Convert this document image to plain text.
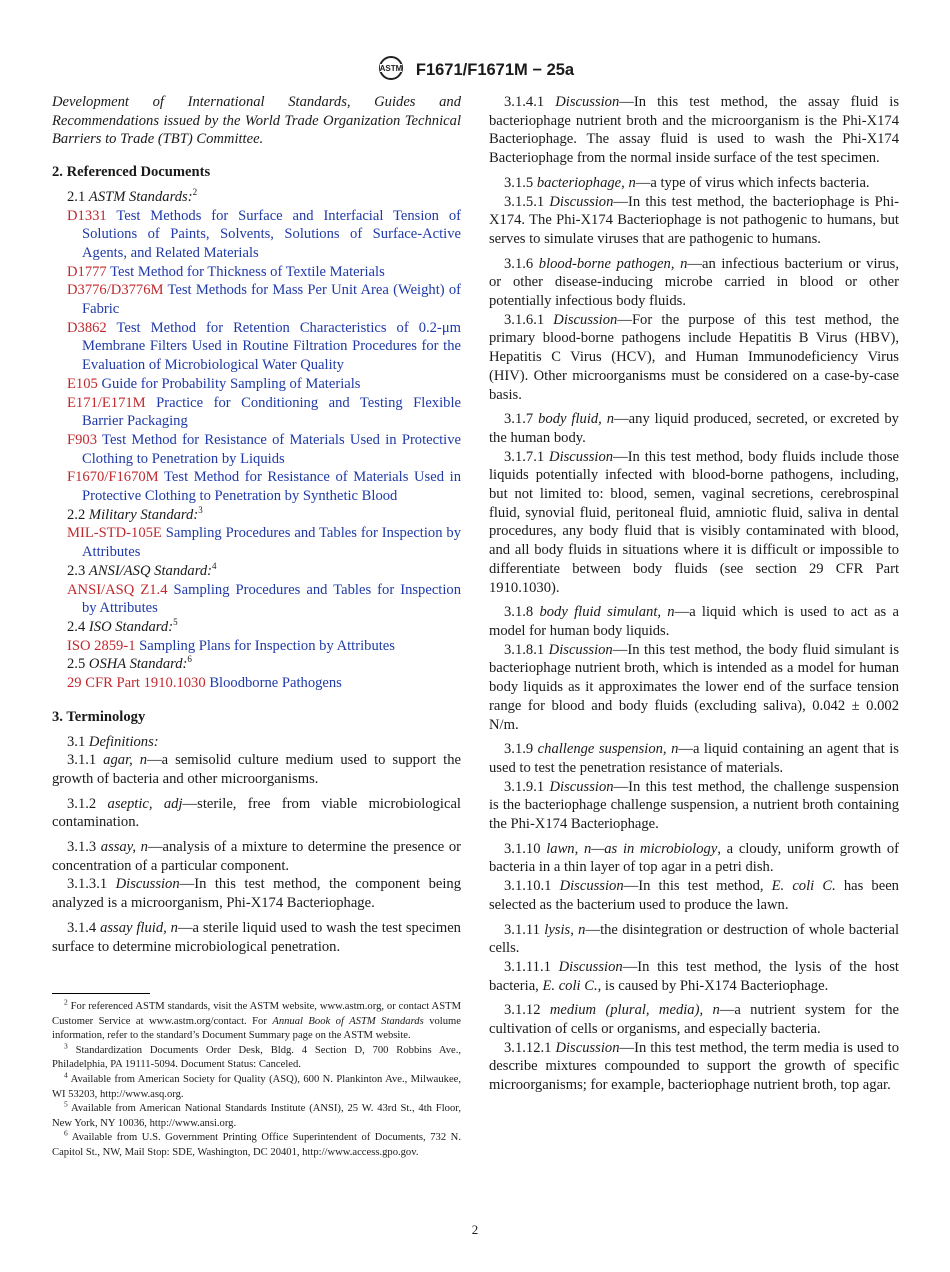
ASTM F1671/F1671M − 25a

Development of International Standards, Guides and Recommendations issued by the World Trade Organization Technical Barriers to Trade (TBT) Committee.

2. Referenced Documents

2.1 ASTM Standards:$^2$

D1331 Test Methods for Surface and Interfacial Tension of Solutions of Paints, Solvents, Solutions of Surface-Active Agents, and Related Materials

D1777 Test Method for Thickness of Textile Materials

D3776/D3776M Test Methods for Mass Per Unit Area (Weight) of Fabric

D3862 Test Method for Retention Characteristics of 0.2-μm Membrane Filters Used in Routine Filtration Procedures for the Evaluation of Microbiological Water Quality

E105 Guide for Probability Sampling of Materials

E171/E171M Practice for Conditioning and Testing Flexible Barrier Packaging

F903 Test Method for Resistance of Materials Used in Protective Clothing to Penetration by Liquids

F1670/F1670M Test Method for Resistance of Materials Used in Protective Clothing to Penetration by Synthetic Blood

2.2 Military Standard:$^3$

MIL-STD-105E Sampling Procedures and Tables for Inspection by Attributes

2.3 ANSI/ASQ Standard:$^4$

ANSI/ASQ Z1.4 Sampling Procedures and Tables for Inspection by Attributes

2.4 ISO Standard:$^5$

ISO 2859-1 Sampling Plans for Inspection by Attributes

2.5 OSHA Standard:$^6$

29 CFR Part 1910.1030 Bloodborne Pathogens

3. Terminology

3.1 Definitions:

3.1.1 agar, n—a semisolid culture medium used to support the growth of bacteria and other microorganisms.

3.1.2 aseptic, adj—sterile, free from viable microbiological contamination.

3.1.3 assay, n—analysis of a mixture to determine the presence or concentration of a particular component.

3.1.3.1 Discussion—In this test method, the component being analyzed is a microorganism, Phi-X174 Bacteriophage.

3.1.4 assay fluid, n—a sterile liquid used to wash the test specimen surface to determine microbiological penetration.

$^2$ For referenced ASTM standards, visit the ASTM website, www.astm.org, or contact ASTM Customer Service at www.astm.org/contact. For Annual Book of ASTM Standards volume information, refer to the standard’s Document Summary page on the ASTM website.

$^3$ Standardization Documents Order Desk, Bldg. 4 Section D, 700 Robbins Ave., Philadelphia, PA 19111-5094. Document Status: Canceled.

$^4$ Available from American Society for Quality (ASQ), 600 N. Plankinton Ave., Milwaukee, WI 53203, http://www.asq.org.

$^5$ Available from American National Standards Institute (ANSI), 25 W. 43rd St., 4th Floor, New York, NY 10036, http://www.ansi.org.

$^6$ Available from U.S. Government Printing Office Superintendent of Documents, 732 N. Capitol St., NW, Mail Stop: SDE, Washington, DC 20401, http://www.access.gpo.gov.

3.1.4.1 Discussion—In this test method, the assay fluid is bacteriophage nutrient broth and the microorganism is the Phi-X174 Bacteriophage. The assay fluid is used to wash the Phi-X174 Bacteriophage from the normal inside surface of the test specimen.

3.1.5 bacteriophage, n—a type of virus which infects bacteria.

3.1.5.1 Discussion—In this test method, the bacteriophage is Phi-X174. The Phi-X174 Bacteriophage is not pathogenic to humans, but serves to simulate viruses that are pathogenic to humans.

3.1.6 blood-borne pathogen, n—an infectious bacterium or virus, or other disease-inducing microbe carried in blood or other potentially infectious body fluids.

3.1.6.1 Discussion—For the purpose of this test method, the primary blood-borne pathogens include Hepatitis B Virus (HBV), Hepatitis C Virus (HCV), and Human Immunodeficiency Virus (HIV). Other microorganisms must be considered on a case-by-case basis.

3.1.7 body fluid, n—any liquid produced, secreted, or excreted by the human body.

3.1.7.1 Discussion—In this test method, body fluids include those liquids potentially infected with blood-borne pathogens, including, but not limited to: blood, semen, vaginal secretions, cerebrospinal fluid, synovial fluid, peritoneal fluid, amniotic fluid, saliva in dental procedures, any body fluid that is visibly contaminated with blood, and all body fluids in situations where it is difficult or impossible to differentiate between body fluids (see section 29 CFR Part 1910.1030).

3.1.8 body fluid simulant, n—a liquid which is used to act as a model for human body liquids.

3.1.8.1 Discussion—In this test method, the body fluid simulant is bacteriophage nutrient broth, which is intended as a model for human body liquids as it approximates the lower end of the surface tension range for blood and body fluids (excluding saliva), 0.042 ± 0.002 N/m.

3.1.9 challenge suspension, n—a liquid containing an agent that is used to test the penetration resistance of materials.

3.1.9.1 Discussion—In this test method, the challenge suspension is the bacteriophage challenge suspension, a nutrient broth containing the Phi-X174 Bacteriophage.

3.1.10 lawn, n—as in microbiology, a cloudy, uniform growth of bacteria in a thin layer of top agar in a petri dish.

3.1.10.1 Discussion—In this test method, E. coli C. has been selected as the bacterium used to produce the lawn.

3.1.11 lysis, n—the disintegration or destruction of whole bacterial cells.

3.1.11.1 Discussion—In this test method, the lysis of the host bacteria, E. coli C., is caused by Phi-X174 Bacteriophage.

3.1.12 medium (plural, media), n—a nutrient system for the cultivation of cells or organisms, and especially bacteria.

3.1.12.1 Discussion—In this test method, the term media is used to describe mixtures compounded to support the growth of specific microorganisms; for example, bacteriophage nutrient broth, top agar.

2
